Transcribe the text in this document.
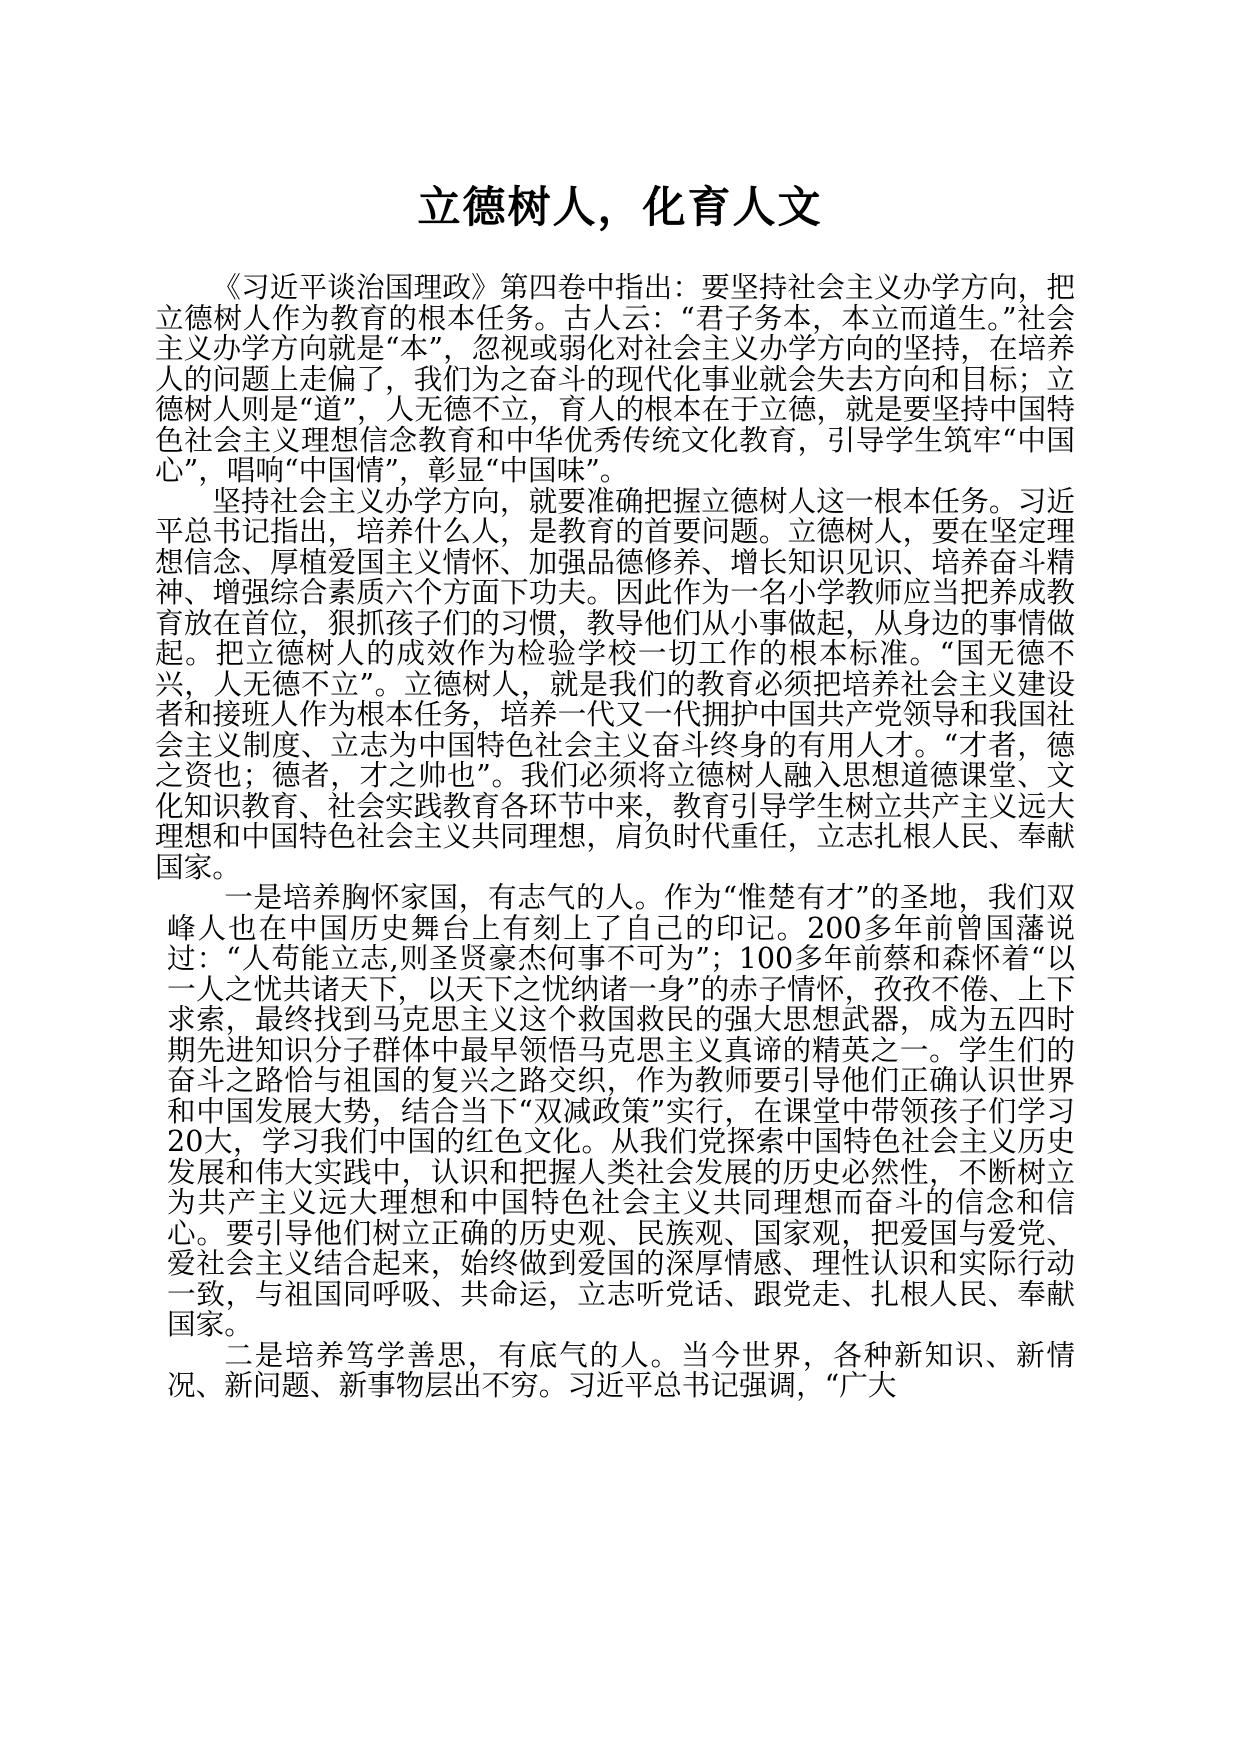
立德树人，化育人文

《习近平谈治国理政》第四卷中指出：要坚持社会主义办学方向，把立德树人作为教育的根本任务。古人云：“君子务本，本立而道生。”社会主义办学方向就是“本”，忽视或弱化对社会主义办学方向的坚持，在培养人的问题上走偏了，我们为之奋斗的现代化事业就会失去方向和目标；立德树人则是“道”，人无德不立，育人的根本在于立德，就是要坚持中国特色社会主义理想信念教育和中华优秀传统文化教育，引导学生筑牢“中国心”，唱响“中国情”，彰显“中国味”。

坚持社会主义办学方向，就要准确把握立德树人这一根本任务。习近平总书记指出，培养什么人，是教育的首要问题。立德树人，要在坚定理想信念、厚植爱国主义情怀、加强品德修养、增长知识见识、培养奋斗精神、增强综合素质六个方面下功夫。因此作为一名小学教师应当把养成教育放在首位，狠抓孩子们的习惯，教导他们从小事做起，从身边的事情做起。把立德树人的成效作为检验学校一切工作的根本标准。“国无德不兴，人无德不立”。立德树人，就是我们的教育必须把培养社会主义建设者和接班人作为根本任务，培养一代又一代拥护中国共产党领导和我国社会主义制度、立志为中国特色社会主义奋斗终身的有用人才。“才者，德之资也；德者，才之帅也”。我们必须将立德树人融入思想道德课堂、文化知识教育、社会实践教育各环节中来，教育引导学生树立共产主义远大理想和中国特色社会主义共同理想，肩负时代重任，立志扎根人民、奉献国家。

一是培养胸怀家国，有志气的人。作为“惟楚有才”的圣地，我们双峰人也在中国历史舞台上有刻上了自己的印记。200多年前曾国藩说过：“人苟能立志,则圣贤豪杰何事不可为”；100多年前蔡和森怀着“以一人之忧共诸天下，以天下之忧纳诸一身”的赤子情怀，孜孜不倦、上下求索，最终找到马克思主义这个救国救民的强大思想武器，成为五四时期先进知识分子群体中最早领悟马克思主义真谛的精英之一。学生们的奋斗之路恰与祖国的复兴之路交织，作为教师要引导他们正确认识世界和中国发展大势，结合当下“双减政策”实行，在课堂中带领孩子们学习20大，学习我们中国的红色文化。从我们党探索中国特色社会主义历史发展和伟大实践中，认识和把握人类社会发展的历史必然性，不断树立为共产主义远大理想和中国特色社会主义共同理想而奋斗的信念和信心。要引导他们树立正确的历史观、民族观、国家观，把爱国与爱党、爱社会主义结合起来，始终做到爱国的深厚情感、理性认识和实际行动一致，与祖国同呼吸、共命运，立志听党话、跟党走、扎根人民、奉献国家。

二是培养笃学善思，有底气的人。当今世界，各种新知识、新情况、新问题、新事物层出不穷。习近平总书记强调，“广大
